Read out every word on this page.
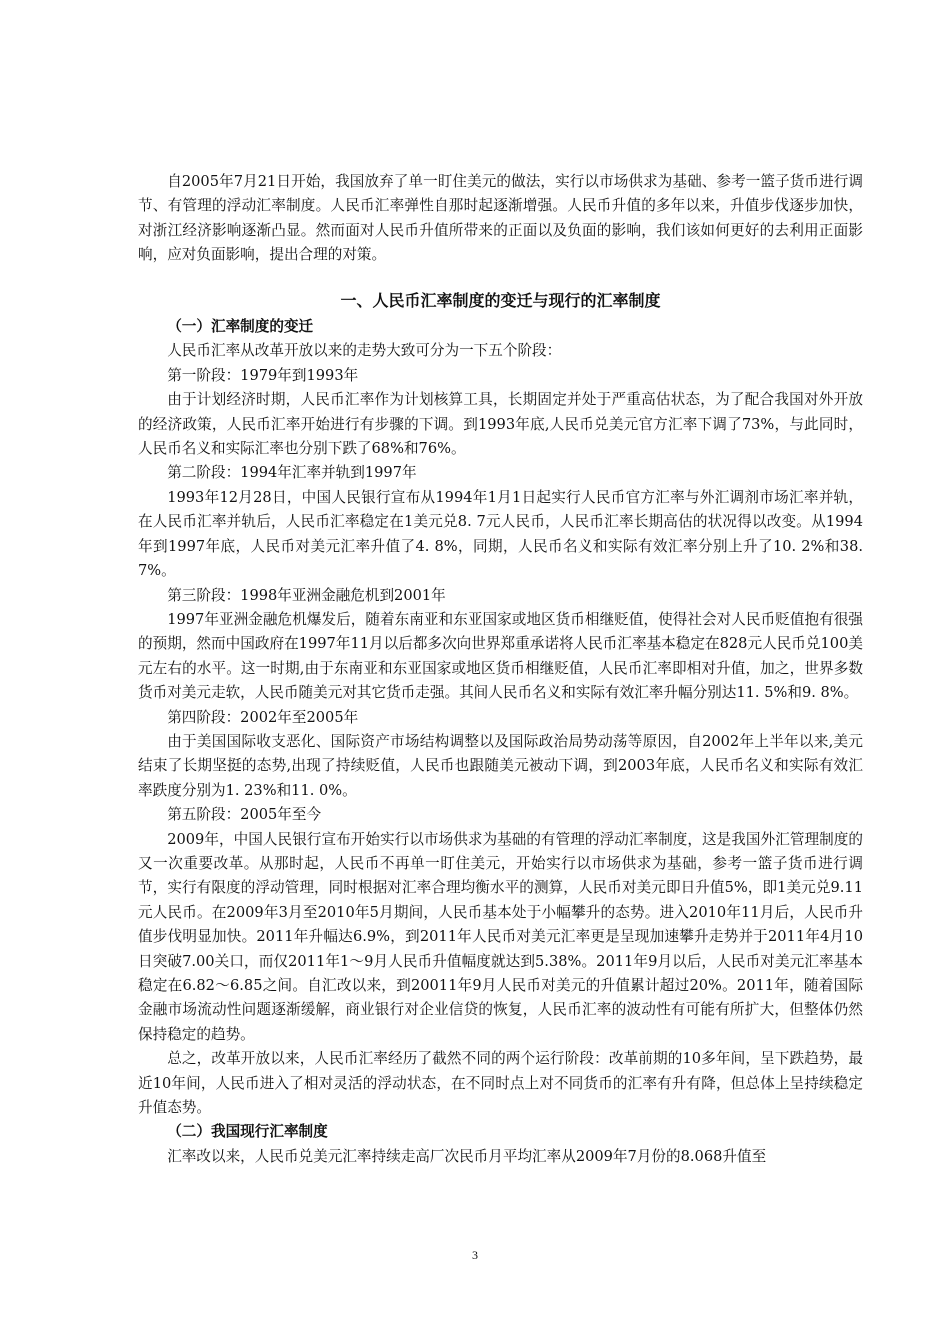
自2005年7月21日开始，我国放弃了单一盯住美元的做法，实行以市场供求为基础、参考一篮子货币进行调节、有管理的浮动汇率制度。人民币汇率弹性自那时起逐渐增强。人民币升值的多年以来，升值步伐逐步加快，对浙江经济影响逐渐凸显。然而面对人民币升值所带来的正面以及负面的影响，我们该如何更好的去利用正面影响，应对负面影响，提出合理的对策。

一、人民币汇率制度的变迁与现行的汇率制度

（一）汇率制度的变迁

人民币汇率从改革开放以来的走势大致可分为一下五个阶段：

第一阶段：1979年到1993年

由于计划经济时期，人民币汇率作为计划核算工具，长期固定并处于严重高估状态，为了配合我国对外开放的经济政策，人民币汇率开始进行有步骤的下调。到1993年底,人民币兑美元官方汇率下调了73%，与此同时，人民币名义和实际汇率也分别下跌了68%和76%。

第二阶段：1994年汇率并轨到1997年

1993年12月28日，中国人民银行宣布从1994年1月1日起实行人民币官方汇率与外汇调剂市场汇率并轨，在人民币汇率并轨后，人民币汇率稳定在1美元兑8. 7元人民币，人民币汇率长期高估的状况得以改变。从1994年到1997年底，人民币对美元汇率升值了4. 8%，同期，人民币名义和实际有效汇率分别上升了10. 2%和38. 7%。

第三阶段：1998年亚洲金融危机到2001年

1997年亚洲金融危机爆发后，随着东南亚和东亚国家或地区货币相继贬值，使得社会对人民币贬值抱有很强的预期，然而中国政府在1997年11月以后都多次向世界郑重承诺将人民币汇率基本稳定在828元人民币兑100美元左右的水平。这一时期,由于东南亚和东亚国家或地区货币相继贬值，人民币汇率即相对升值，加之，世界多数货币对美元走软，人民币随美元对其它货币走强。其间人民币名义和实际有效汇率升幅分别达11. 5%和9. 8%。

第四阶段：2002年至2005年

由于美国国际收支恶化、国际资产市场结构调整以及国际政治局势动荡等原因，自2002年上半年以来,美元结束了长期坚挺的态势,出现了持续贬值，人民币也跟随美元被动下调，到2003年底，人民币名义和实际有效汇率跌度分别为1. 23%和11. 0%。

第五阶段：2005年至今

2009年，中国人民银行宣布开始实行以市场供求为基础的有管理的浮动汇率制度，这是我国外汇管理制度的又一次重要改革。从那时起，人民币不再单一盯住美元，开始实行以市场供求为基础，参考一篮子货币进行调节，实行有限度的浮动管理，同时根据对汇率合理均衡水平的测算，人民币对美元即日升值5%，即1美元兑9.11元人民币。在2009年3月至2010年5月期间，人民币基本处于小幅攀升的态势。进入2010年11月后，人民币升值步伐明显加快。2011年升幅达6.9%，到2011年人民币对美元汇率更是呈现加速攀升走势并于2011年4月10日突破7.00关口，而仅2011年1～9月人民币升值幅度就达到5.38%。2011年9月以后，人民币对美元汇率基本稳定在6.82～6.85之间。自汇改以来，到20011年9月人民币对美元的升值累计超过20%。2011年，随着国际金融市场流动性问题逐渐缓解，商业银行对企业信贷的恢复，人民币汇率的波动性有可能有所扩大，但整体仍然保持稳定的趋势。

总之，改革开放以来，人民币汇率经历了截然不同的两个运行阶段：改革前期的10多年间，呈下跌趋势，最近10年间，人民币进入了相对灵活的浮动状态，在不同时点上对不同货币的汇率有升有降，但总体上呈持续稳定升值态势。

（二）我国现行汇率制度

汇率改以来，人民币兑美元汇率持续走高厂次民币月平均汇率从2009年7月份的8.068升值至

3
